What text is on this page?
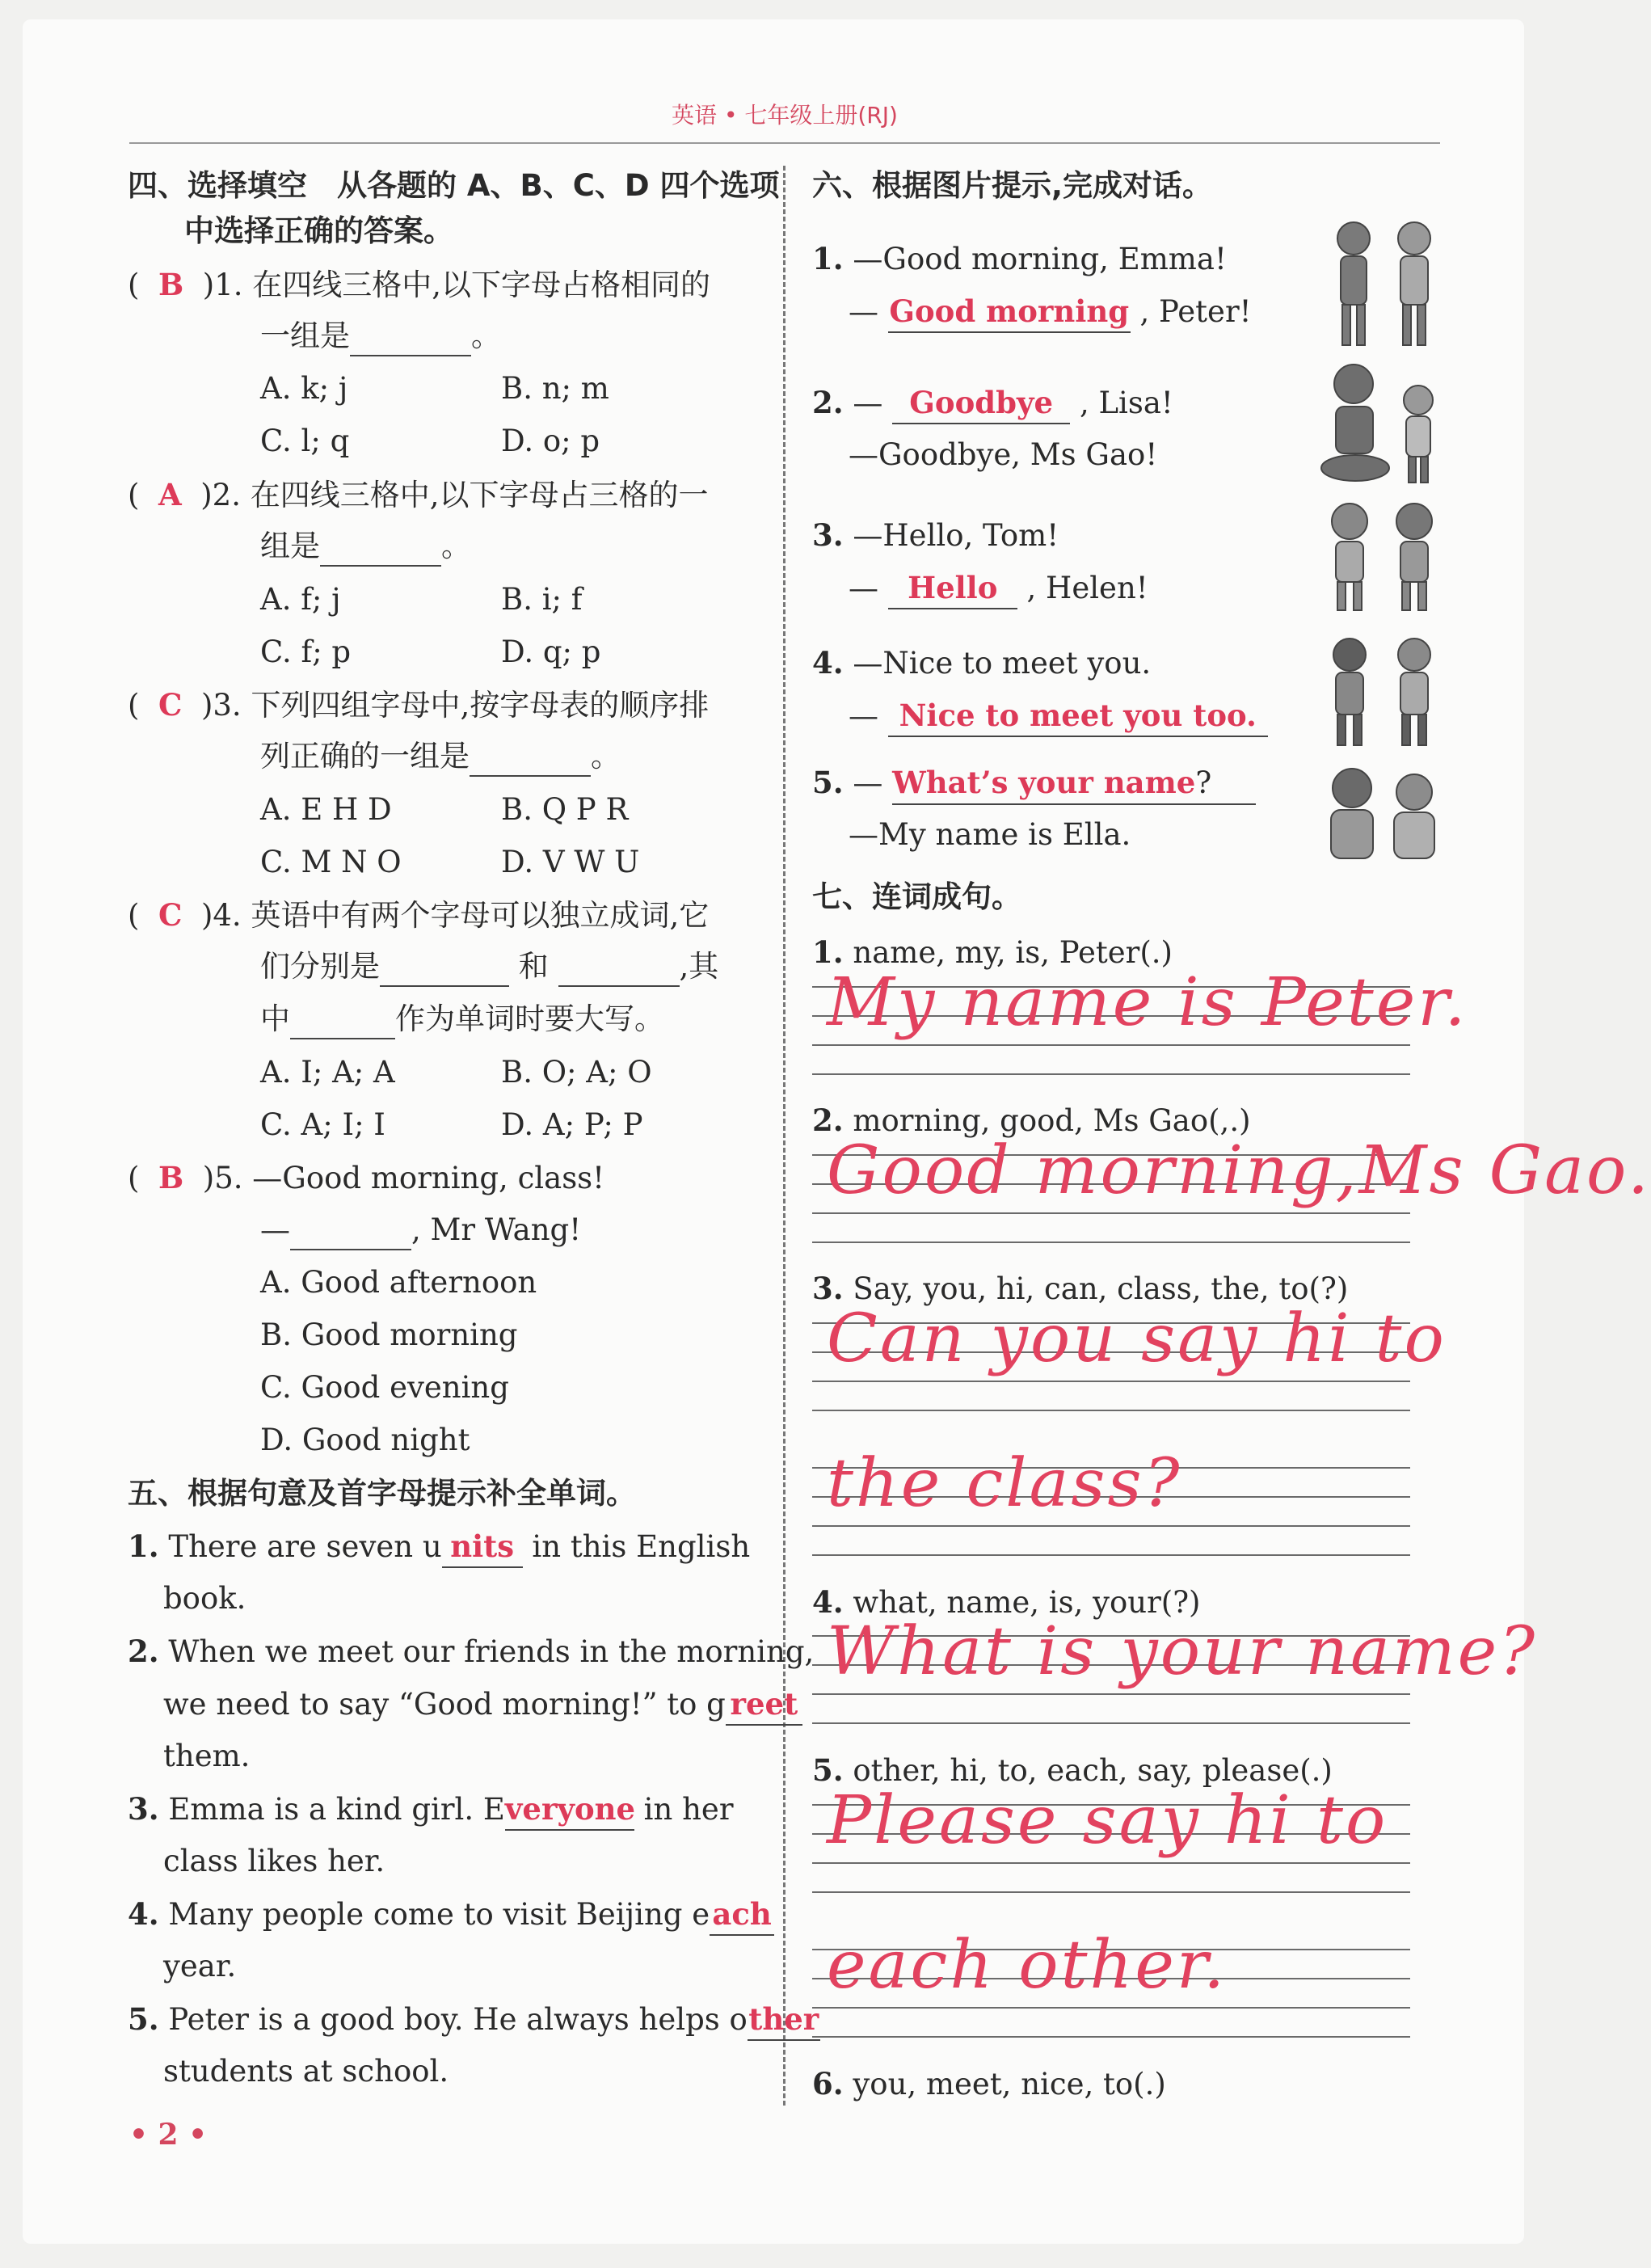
英语 • 七年级上册(RJ)
四、选择填空　从各题的 A、B、C、D 四个选项
中选择正确的答案。
( B )1. 在四线三格中,以下字母占格相同的
一组是	。
A. k; j	B. n; m
C. l; q	D. o; p
( A )2. 在四线三格中,以下字母占三格的一
组是	。
A. f; j	B. i; f
C. f; p	D. q; p
( C )3. 下列四组字母中,按字母表的顺序排
列正确的一组是	。
A. E H D	B. Q P R
C. M N O	D. V W U
( C )4. 英语中有两个字母可以独立成词,它
们分别是	和	,其
中	作为单词时要大写。
A. I; A; A	B. O; A; O
C. A; I; I	D. A; P; P
( B )5. —Good morning, class!
—	, Mr Wang!
A. Good afternoon
B. Good morning
C. Good evening
D. Good night
五、根据句意及首字母提示补全单词。
1. There are seven u nits in this English
book.
2. When we meet our friends in the morning,
we need to say “Good morning!” to g reet
them.
3. Emma is a kind girl. Everyone in her
class likes her.
4. Many people come to visit Beijing each
year.
5. Peter is a good boy. He always helps other
students at school.
六、根据图片提示,完成对话。
1. —Good morning, Emma!
— Good morning , Peter!
2. — Goodbye , Lisa!
—Goodbye, Ms Gao!
3. —Hello, Tom!
— Hello , Helen!
4. —Nice to meet you.
— Nice to meet you too.
5. — What’s your name?
—My name is Ella.
七、连词成句。
1. name, my, is, Peter(.)
My name is Peter.
2. morning, good, Ms Gao(,.)
Good morning,Ms Gao.
3. Say, you, hi, can, class, the, to(?)
Can you say hi to
the class?
4. what, name, is, your(?)
What is your name?
5. other, hi, to, each, say, please(.)
Please say hi to
each other.
6. you, meet, nice, to(.)
• 2 •
